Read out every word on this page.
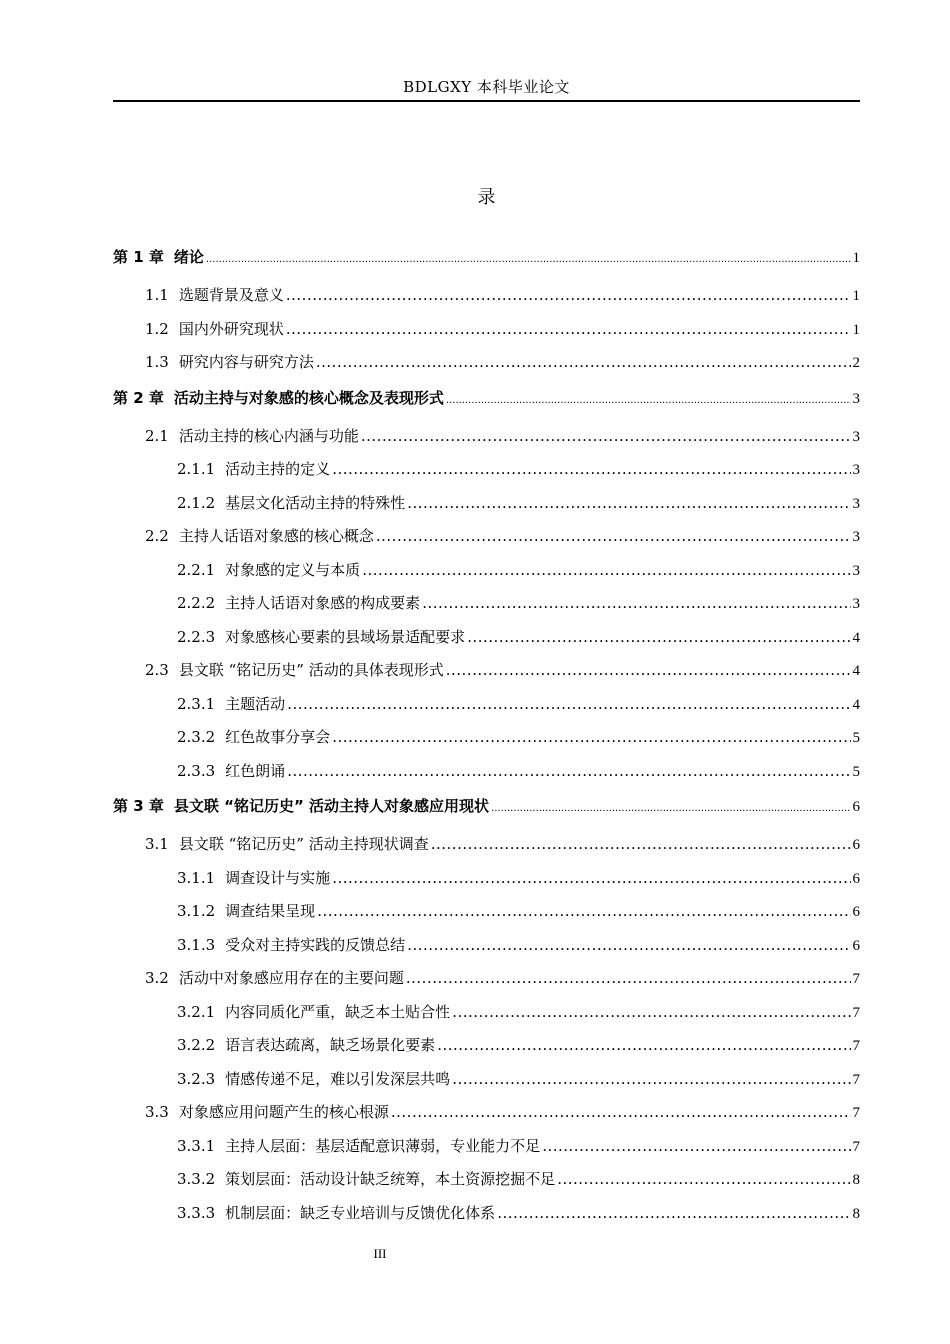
BDLGXY 本科毕业论文
录
第 1 章 绪论 .....	1
1.1 选题背景及意义 .....	1
1.2 国内外研究现状 .....	1
1.3 研究内容与研究方法 .....	2
第 2 章 活动主持与对象感的核心概念及表现形式 .....	3
2.1 活动主持的核心内涵与功能 .....	3
2.1.1 活动主持的定义 .....	3
2.1.2 基层文化活动主持的特殊性 .....	3
2.2 主持人话语对象感的核心概念 .....	3
2.2.1 对象感的定义与本质 .....	3
2.2.2 主持人话语对象感的构成要素 .....	3
2.2.3 对象感核心要素的县域场景适配要求 .....	4
2.3 县文联 “铭记历史” 活动的具体表现形式 .....	4
2.3.1 主题活动 .....	4
2.3.2 红色故事分享会 .....	5
2.3.3 红色朗诵 .....	5
第 3 章 县文联 “铭记历史” 活动主持人对象感应用现状 .....	6
3.1 县文联 “铭记历史” 活动主持现状调查 .....	6
3.1.1 调查设计与实施 .....	6
3.1.2 调查结果呈现 .....	6
3.1.3 受众对主持实践的反馈总结 .....	6
3.2 活动中对象感应用存在的主要问题 .....	7
3.2.1 内容同质化严重，缺乏本土贴合性 .....	7
3.2.2 语言表达疏离，缺乏场景化要素 .....	7
3.2.3 情感传递不足，难以引发深层共鸣 .....	7
3.3 对象感应用问题产生的核心根源 .....	7
3.3.1 主持人层面：基层适配意识薄弱，专业能力不足 .....	7
3.3.2 策划层面：活动设计缺乏统筹，本土资源挖掘不足 .....	8
3.3.3 机制层面：缺乏专业培训与反馈优化体系 .....	8
III
